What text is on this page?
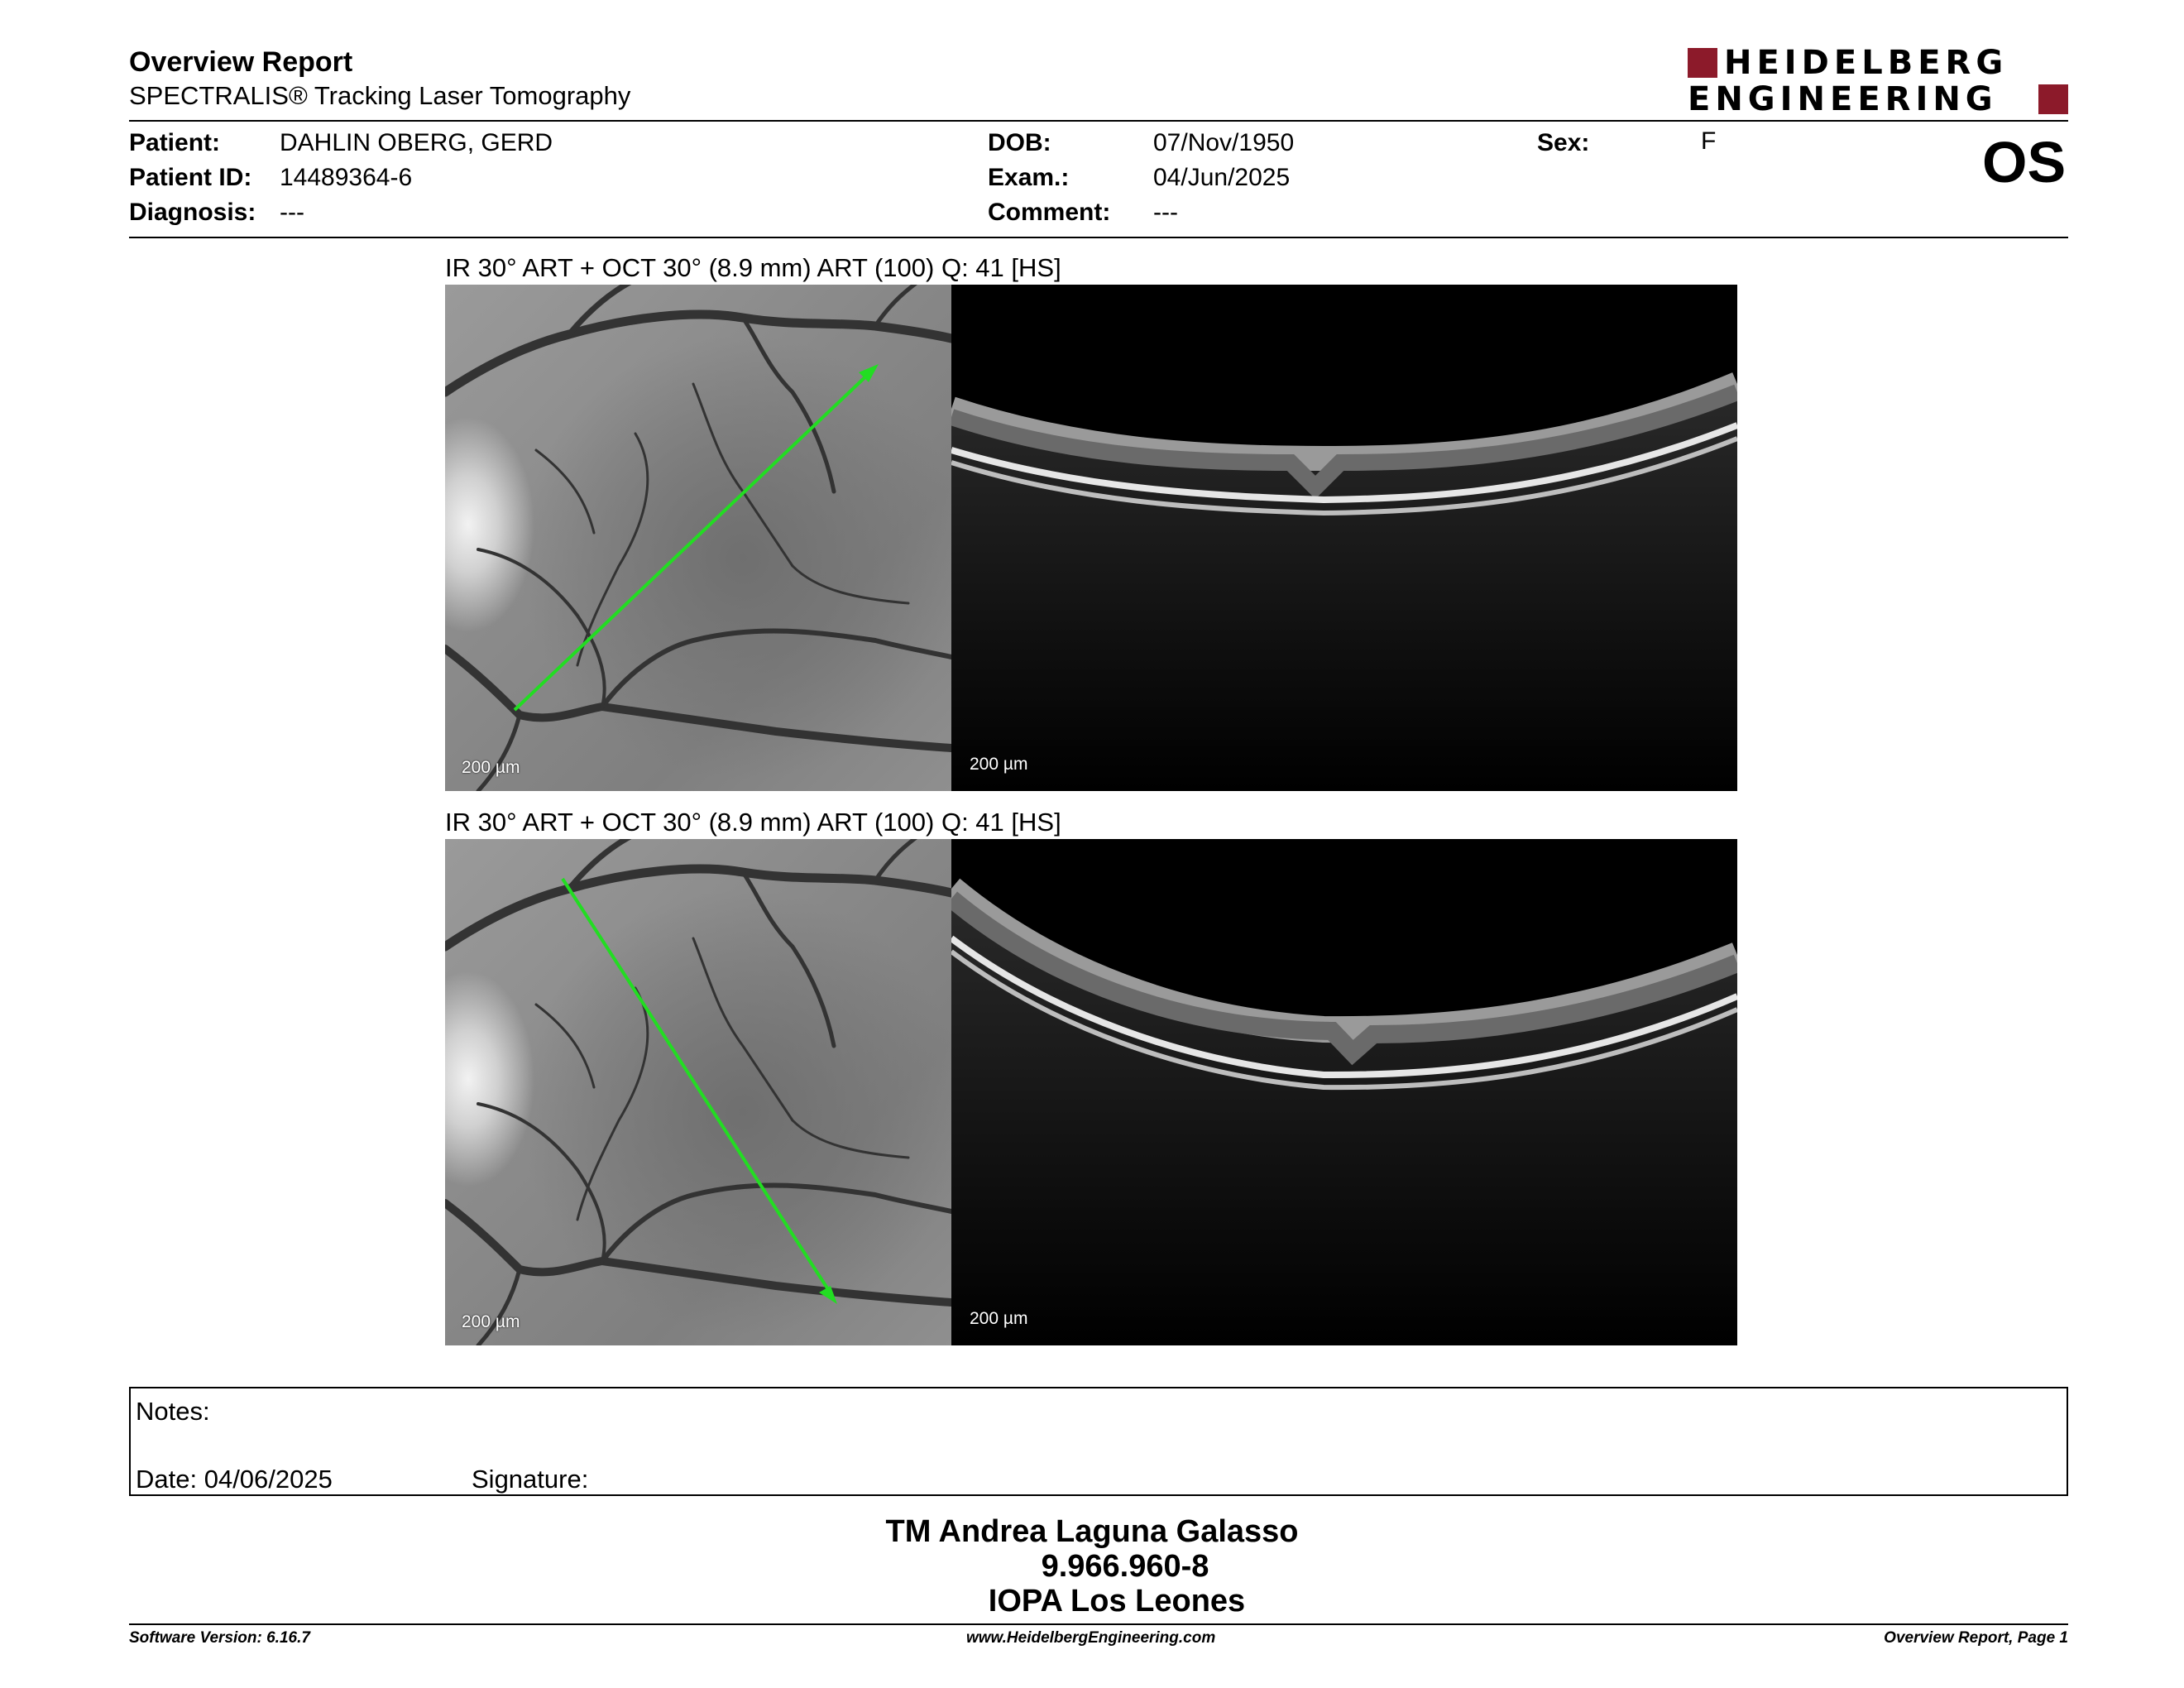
Overview Report
SPECTRALIS® Tracking Laser Tomography
HEIDELBERG
ENGINEERING
Patient: DAHLIN OBERG, GERD
Patient ID: 14489364-6
Diagnosis: ---
DOB:	07/Nov/1950
Exam.:	04/Jun/2025
Comment: ---
Sex:	F	OS
IR 30° ART + OCT 30° (8.9 mm) ART (100) Q: 41 [HS]
200 µm	200 µm
IR 30° ART + OCT 30° (8.9 mm) ART (100) Q: 41 [HS]
200 µm	200 µm
Notes:
Date: 04/06/2025	Signature:
TM Andrea Laguna Galasso
9.966.960-8
IOPA Los Leones
Software Version: 6.16.7	www.HeidelbergEngineering.com	Overview Report, Page 1
